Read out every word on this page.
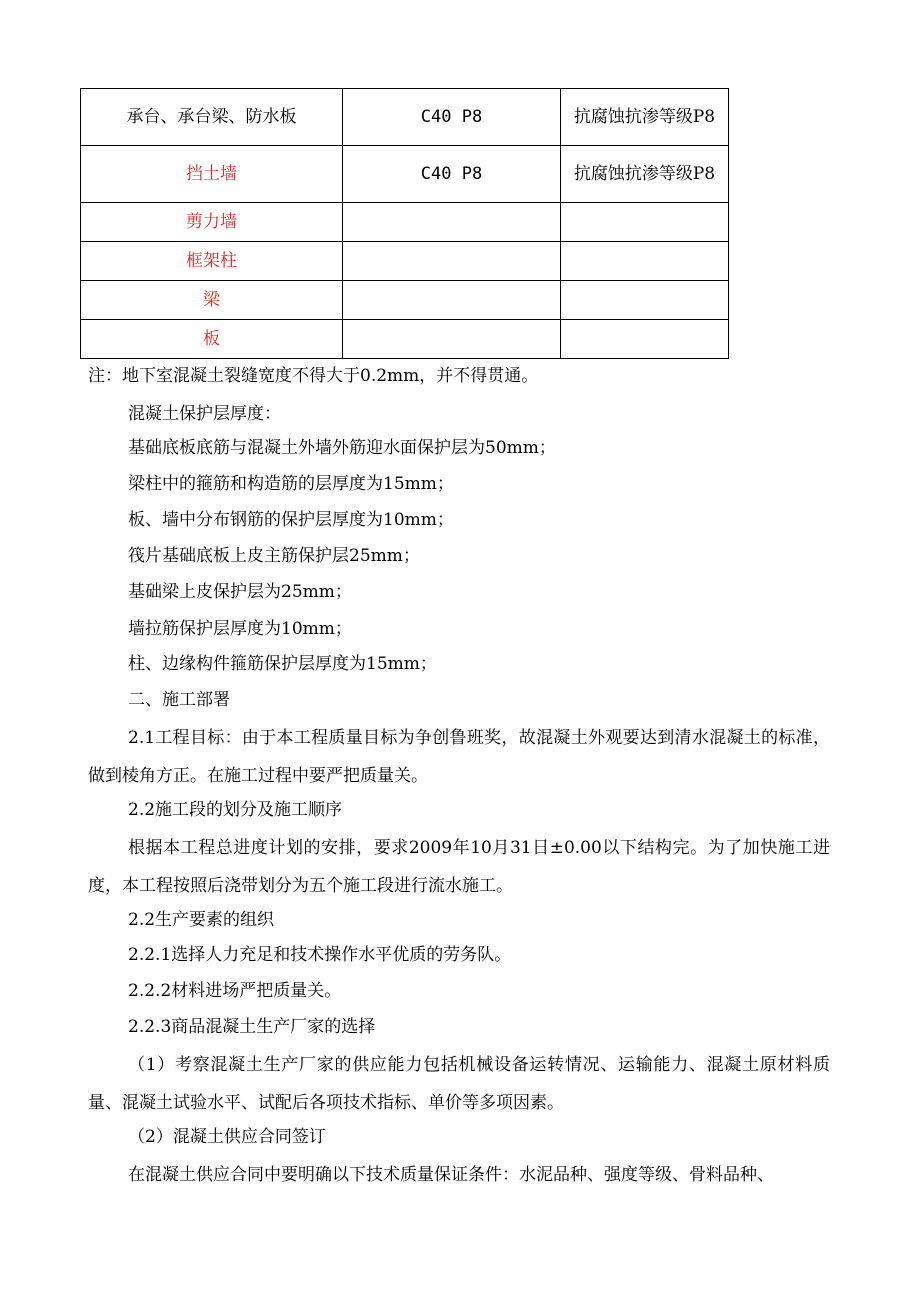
承台、承台梁、防水板	C40 P8	抗腐蚀抗渗等级P8
挡土墙	C40 P8	抗腐蚀抗渗等级P8
剪力墙		
框架柱		
梁		
板		
注：地下室混凝土裂缝宽度不得大于0.2mm，并不得贯通。
混凝土保护层厚度：
基础底板底筋与混凝土外墙外筋迎水面保护层为50mm；
梁柱中的箍筋和构造筋的层厚度为15mm；
板、墙中分布钢筋的保护层厚度为10mm；
筏片基础底板上皮主筋保护层25mm；
基础梁上皮保护层为25mm；
墙拉筋保护层厚度为10mm；
柱、边缘构件箍筋保护层厚度为15mm；
二、施工部署
2.1工程目标：由于本工程质量目标为争创鲁班奖，故混凝土外观要达到清水混凝土的标准，做到棱角方正。在施工过程中要严把质量关。
2.2施工段的划分及施工顺序
根据本工程总进度计划的安排，要求2009年10月31日±0.00以下结构完。为了加快施工进度，本工程按照后浇带划分为五个施工段进行流水施工。
2.2生产要素的组织
2.2.1选择人力充足和技术操作水平优质的劳务队。
2.2.2材料进场严把质量关。
2.2.3商品混凝土生产厂家的选择
（1）考察混凝土生产厂家的供应能力包括机械设备运转情况、运输能力、混凝土原材料质量、混凝土试验水平、试配后各项技术指标、单价等多项因素。
（2）混凝土供应合同签订
在混凝土供应合同中要明确以下技术质量保证条件：水泥品种、强度等级、骨料品种、
